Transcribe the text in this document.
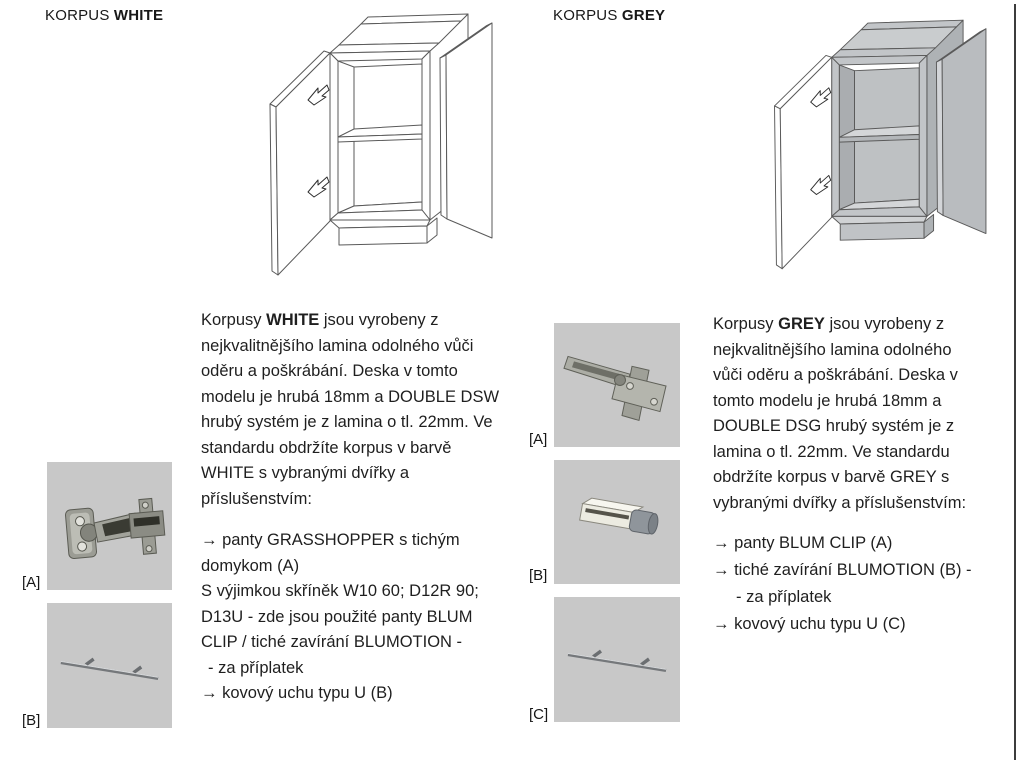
KORPUS WHITE
Korpusy WHITE jsou vyrobeny z
nejkvalitnějšího lamina odolného vůči
oděru a poškrábání. Deska v tomto
modelu je hrubá 18mm a DOUBLE DSW
hrubý systém je z lamina o tl. 22mm. Ve
standardu obdržíte korpus v barvě
WHITE s vybranými dvířky a
příslušenstvím:
→ panty GRASSHOPPER s tichým
domykom (A)
S výjimkou skříněk W10 60; D12R 90;
D13U - zde jsou použité panty BLUM
CLIP / tiché zavírání BLUMOTION -
- za příplatek
→ kovový uchu typu U (B)
[A]
[B]
KORPUS GREY
[A]
[B]
[C]
Korpusy GREY jsou vyrobeny z
nejkvalitnějšího lamina odolného
vůči oděru a poškrábání. Deska v
tomto modelu je hrubá 18mm a
DOUBLE DSG hrubý systém je z
lamina o tl. 22mm. Ve standardu
obdržíte korpus v barvě GREY s
vybranými dvířky a příslušenstvím:
→ panty BLUM CLIP (A)
→ tiché zavírání BLUMOTION (B) -
- za příplatek
→ kovový uchu typu U (C)
